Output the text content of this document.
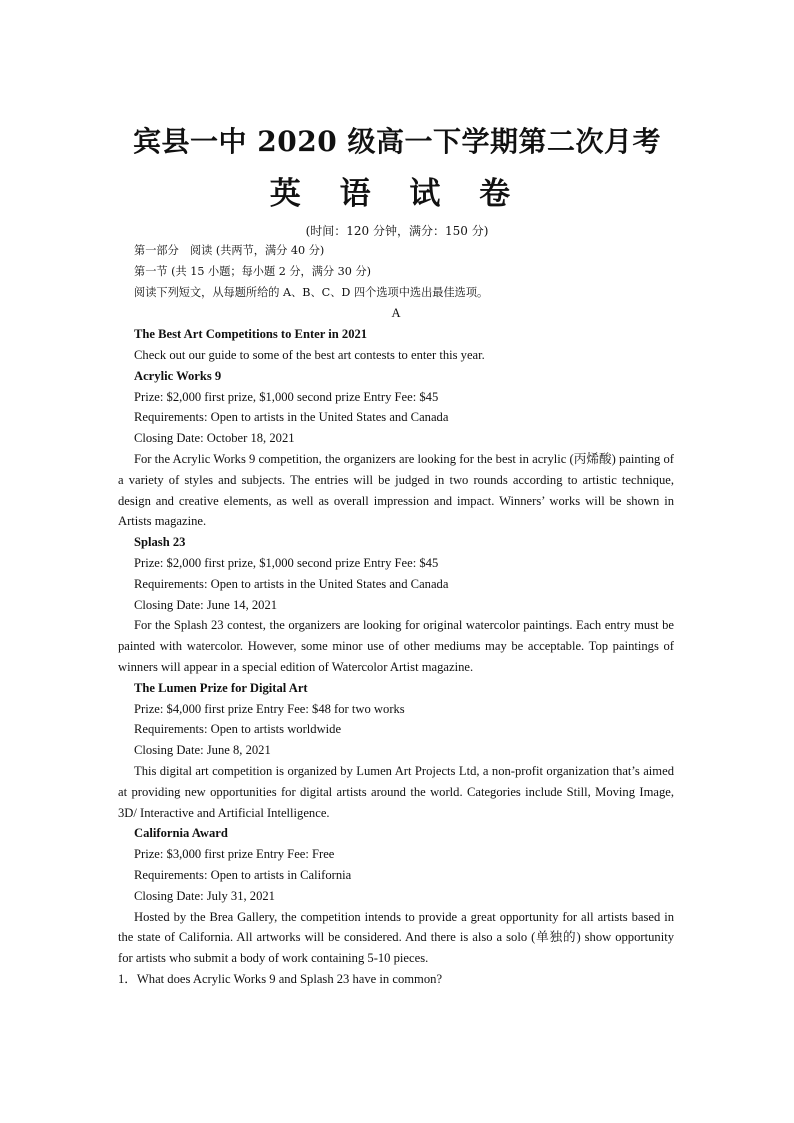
宾县一中 2020 级高一下学期第二次月考
英 语 试 卷
(时间：120 分钟，满分：150 分)

第一部分　阅读 (共两节，满分 40 分)

第一节 (共 15 小题；每小题 2 分，满分 30 分)

阅读下列短文，从每题所给的 A、B、C、D 四个选项中选出最佳选项。

A

The Best Art Competitions to Enter in 2021

Check out our guide to some of the best art contests to enter this year.

Acrylic Works 9

Prize: $2,000 first prize, $1,000 second prize Entry Fee: $45

Requirements: Open to artists in the United States and Canada

Closing Date: October 18, 2021

For the Acrylic Works 9 competition, the organizers are looking for the best in acrylic (丙烯酸) painting of a variety of styles and subjects. The entries will be judged in two rounds according to artistic technique, design and creative elements, as well as overall impression and impact. Winners’ works will be shown in Artists magazine.

Splash 23

Prize: $2,000 first prize, $1,000 second prize Entry Fee: $45

Requirements: Open to artists in the United States and Canada

Closing Date: June 14, 2021

For the Splash 23 contest, the organizers are looking for original watercolor paintings. Each entry must be painted with watercolor. However, some minor use of other mediums may be acceptable. Top paintings of winners will appear in a special edition of Watercolor Artist magazine.

The Lumen Prize for Digital Art

Prize: $4,000 first prize Entry Fee: $48 for two works

Requirements: Open to artists worldwide

Closing Date: June 8, 2021

This digital art competition is organized by Lumen Art Projects Ltd, a non-profit organization that’s aimed at providing new opportunities for digital artists around the world. Categories include Still, Moving Image, 3D/ Interactive and Artificial Intelligence.

California Award

Prize: $3,000 first prize Entry Fee: Free

Requirements: Open to artists in California

Closing Date: July 31, 2021

Hosted by the Brea Gallery, the competition intends to provide a great opportunity for all artists based in the state of California. All artworks will be considered. And there is also a solo (单独的) show opportunity for artists who submit a body of work containing 5-10 pieces.

1．What does Acrylic Works 9 and Splash 23 have in common?
